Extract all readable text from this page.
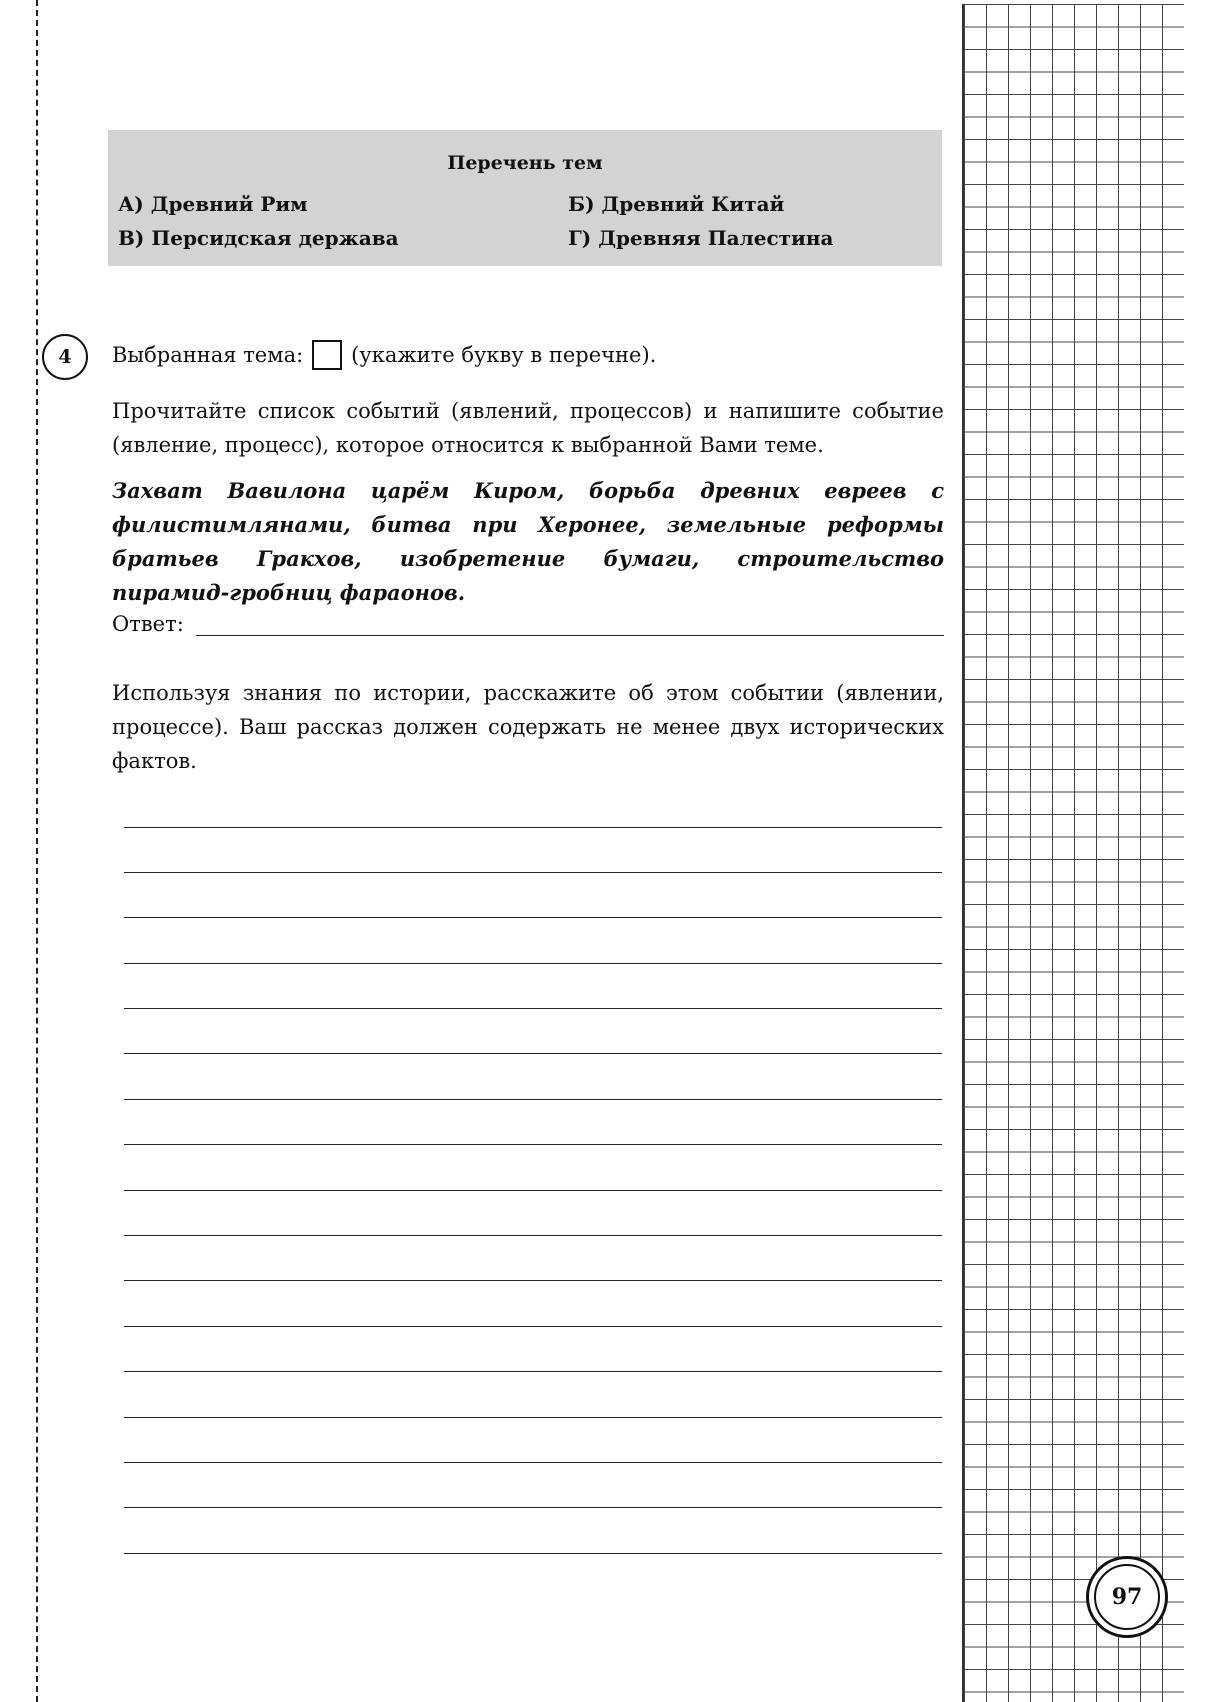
Перечень тем
А) Древний Рим	Б) Древний Китай
В) Персидская держава	Г) Древняя Палестина
4	Выбранная тема: (укажите букву в перечне).

Прочитайте список событий (явлений, процессов) и напишите событие (явление, процесс), которое относится к выбранной Вами теме.

Захват Вавилона царём Киром, борьба древних евреев с филистимлянами, битва при Херонее, земельные реформы братьев Гракхов, изобретение бумаги, строительство пирамид-гробниц фараонов.

Ответ:

Используя знания по истории, расскажите об этом событии (явлении, процессе). Ваш рассказ должен содержать не менее двух исторических фактов.

97
